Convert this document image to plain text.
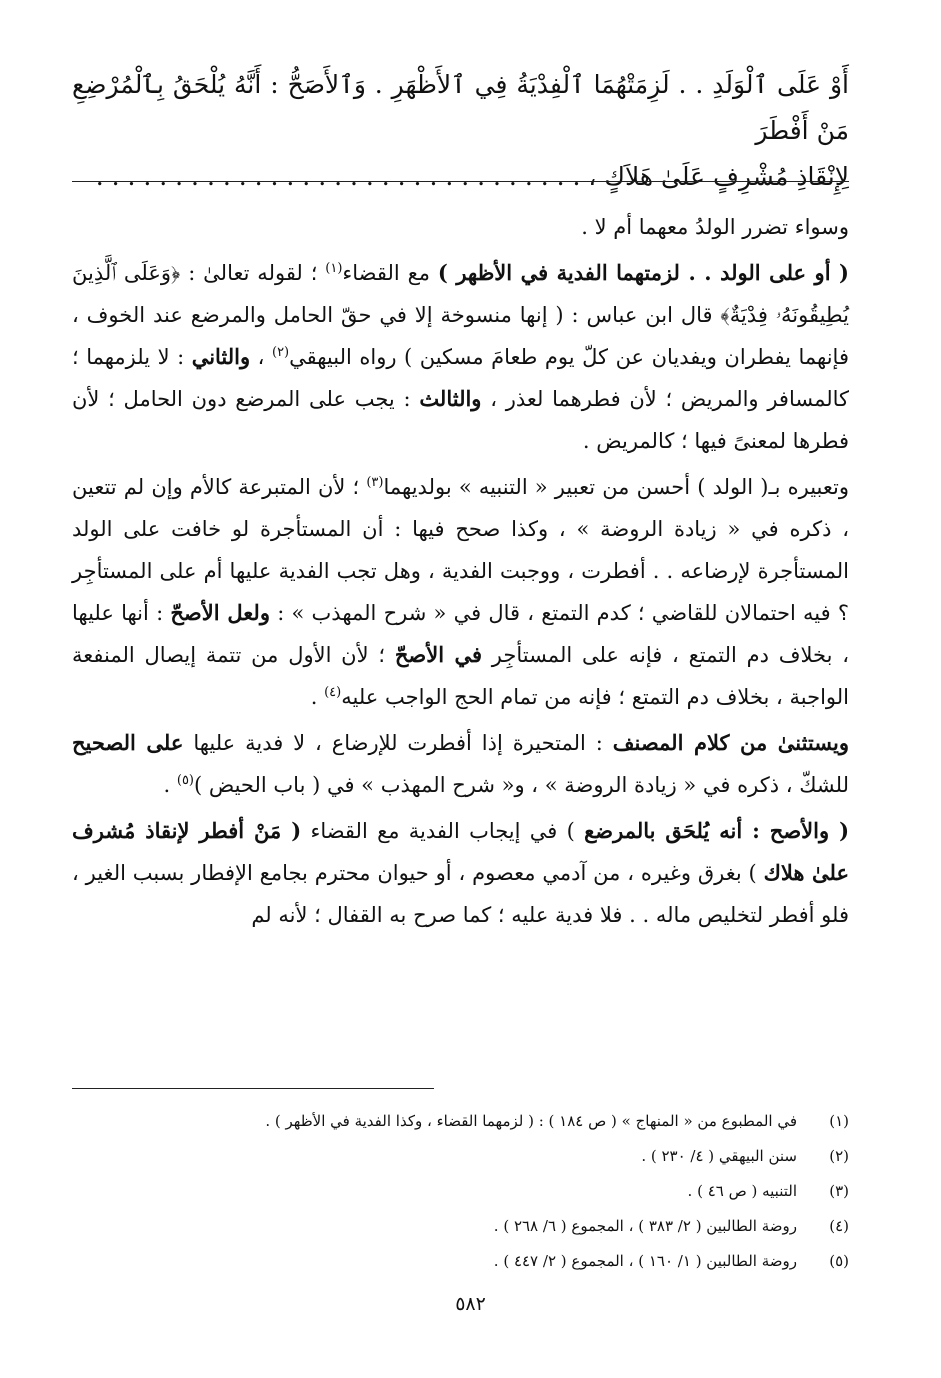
أَوْ عَلَى ٱلْوَلَدِ . . لَزِمَتْهُمَا ٱلْفِدْيَةُ فِي ٱلأَظْهَرِ . وَٱلأَصَحُّ : أَنَّهُ يُلْحَقُ بِٱلْمُرْضِعِ مَنْ أَفْطَرَ

لِإِنْقَاذِ مُشْرِفٍ عَلَىٰ هَلاَكٍ ، . . . . . . . . . . . . . . . . . . . . . . . . . . . . . . .

وسواء تضرر الولدُ معهما أم لا .

( أو على الولد . . لزمتهما الفدية في الأظهر ) مع القضاء$^{(١)}$ ؛ لقوله تعالىٰ : ﴿وَعَلَى ٱلَّذِينَ يُطِيقُونَهُۥ فِدْيَةٌ﴾ قال ابن عباس : ( إنها منسوخة إلا في حقّ الحامل والمرضع عند الخوف ، فإنهما يفطران ويفديان عن كلّ يوم طعامَ مسكين ) رواه البيهقي$^{(٢)}$ ، والثاني : لا يلزمهما ؛ كالمسافر والمريض ؛ لأن فطرهما لعذر ، والثالث : يجب على المرضع دون الحامل ؛ لأن فطرها لمعنىً فيها ؛ كالمريض .

وتعبيره بـ( الولد ) أحسن من تعبير « التنبيه » بولديهما$^{(٣)}$ ؛ لأن المتبرعة كالأم وإن لم تتعين ، ذكره في « زيادة الروضة » ، وكذا صحح فيها : أن المستأجرة لو خافت على الولد المستأجرة لإرضاعه . . أفطرت ، ووجبت الفدية ، وهل تجب الفدية عليها أم على المستأجِر ؟ فيه احتمالان للقاضي ؛ كدم التمتع ، قال في « شرح المهذب » : ولعل الأصحّ : أنها عليها ، بخلاف دم التمتع ، فإنه على المستأجِر في الأصحّ ؛ لأن الأول من تتمة إيصال المنفعة الواجبة ، بخلاف دم التمتع ؛ فإنه من تمام الحج الواجب عليه$^{(٤)}$ .

ويستثنىٰ من كلام المصنف : المتحيرة إذا أفطرت للإرضاع ، لا فدية عليها على الصحيح للشكّ ، ذكره في « زيادة الروضة » ، و« شرح المهذب » في ( باب الحيض )$^{(٥)}$ .

( والأصح : أنه يُلحَق بالمرضع ) في إيجاب الفدية مع القضاء ( مَنْ أفطر لإنقاذ مُشرف علىٰ هلاك ) بغرق وغيره ، من آدمي معصوم ، أو حيوان محترم بجامع الإفطار بسبب الغير ، فلو أفطر لتخليص ماله . . فلا فدية عليه ؛ كما صرح به القفال ؛ لأنه لم

(١)
في المطبوع من « المنهاج » ( ص ١٨٤ ) : ( لزمهما القضاء ، وكذا الفدية في الأظهر ) .
(٢)
سنن البيهقي ( ٤/ ٢٣٠ ) .
(٣)
التنبيه ( ص ٤٦ ) .
(٤)
روضة الطالبين ( ٢/ ٣٨٣ ) ، المجموع ( ٦/ ٢٦٨ ) .
(٥)
روضة الطالبين ( ١/ ١٦٠ ) ، المجموع ( ٢/ ٤٤٧ ) .
٥٨٢
